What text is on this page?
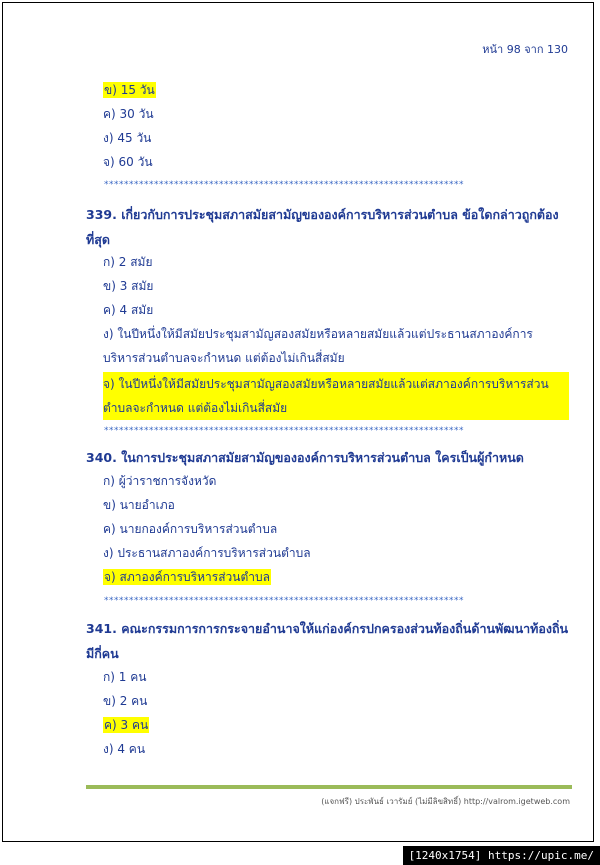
หน้า 98 จาก 130
ข) 15 วัน
ค) 30 วัน
ง) 45 วัน
จ) 60 วัน
************************************************************************
339. เกี่ยวกับการประชุมสภาสมัยสามัญขององค์การบริหารส่วนตำบล ข้อใดกล่าวถูกต้องที่สุด
ก) 2 สมัย
ข) 3 สมัย
ค) 4 สมัย
ง) ในปีหนึ่งให้มีสมัยประชุมสามัญสองสมัยหรือหลายสมัยแล้วแต่ประธานสภาองค์การบริหารส่วนตำบลจะกำหนด แต่ต้องไม่เกินสี่สมัย
จ) ในปีหนึ่งให้มีสมัยประชุมสามัญสองสมัยหรือหลายสมัยแล้วแต่สภาองค์การบริหารส่วนตำบลจะกำหนด แต่ต้องไม่เกินสี่สมัย
************************************************************************
340. ในการประชุมสภาสมัยสามัญขององค์การบริหารส่วนตำบล ใครเป็นผู้กำหนด
ก) ผู้ว่าราชการจังหวัด
ข) นายอำเภอ
ค) นายกองค์การบริหารส่วนตำบล
ง) ประธานสภาองค์การบริหารส่วนตำบล
จ) สภาองค์การบริหารส่วนตำบล
************************************************************************
341. คณะกรรมการการกระจายอำนาจให้แก่องค์กรปกครองส่วนท้องถิ่นด้านพัฒนาท้องถิ่นมีกี่คน
ก) 1 คน
ข) 2 คน
ค) 3 คน
ง) 4 คน
(แจกฟรี) ประพันธ์ เวารัมย์ (ไม่มีลิขสิทธิ์) http://valrom.igetweb.com
[1240x1754] https://upic.me/
